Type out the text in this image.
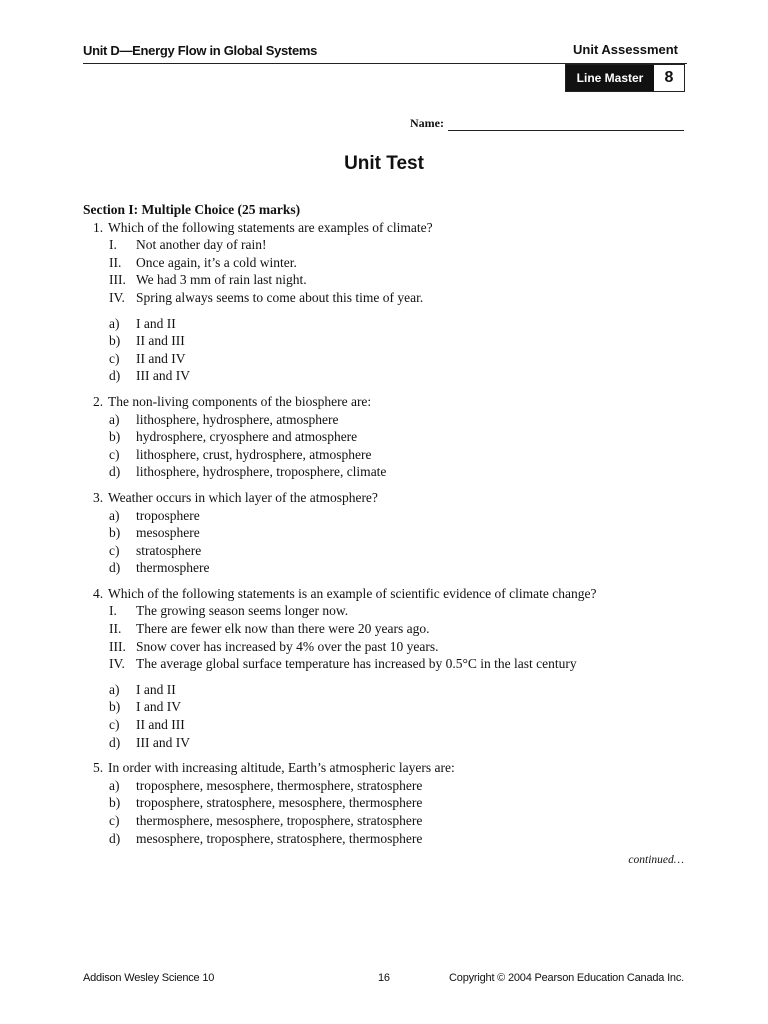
Unit D—Energy Flow in Global Systems	Unit Assessment
Line Master	8
Name:
Unit Test
Section I: Multiple Choice (25 marks)
1. Which of the following statements are examples of climate?
I.	Not another day of rain!
II.	Once again, it’s a cold winter.
III. We had 3 mm of rain last night.
IV. Spring always seems to come about this time of year.
a)	I and II
b)	II and III
c)	II and IV
d)	III and IV
2. The non-living components of the biosphere are:
a)	lithosphere, hydrosphere, atmosphere
b)	hydrosphere, cryosphere and atmosphere
c)	lithosphere, crust, hydrosphere, atmosphere
d)	lithosphere, hydrosphere, troposphere, climate
3. Weather occurs in which layer of the atmosphere?
a)	troposphere
b)	mesosphere
c)	stratosphere
d)	thermosphere
4. Which of the following statements is an example of scientific evidence of climate change?
I.	The growing season seems longer now.
II.	There are fewer elk now than there were 20 years ago.
III. Snow cover has increased by 4% over the past 10 years.
IV. The average global surface temperature has increased by 0.5°C in the last century
a)	I and II
b)	I and IV
c)	II and III
d)	III and IV
5. In order with increasing altitude, Earth’s atmospheric layers are:
a)	troposphere, mesosphere, thermosphere, stratosphere
b)	troposphere, stratosphere, mesosphere, thermosphere
c)	thermosphere, mesosphere, troposphere, stratosphere
d)	mesosphere, troposphere, stratosphere, thermosphere
continued…
Addison Wesley Science 10	16	Copyright © 2004 Pearson Education Canada Inc.
